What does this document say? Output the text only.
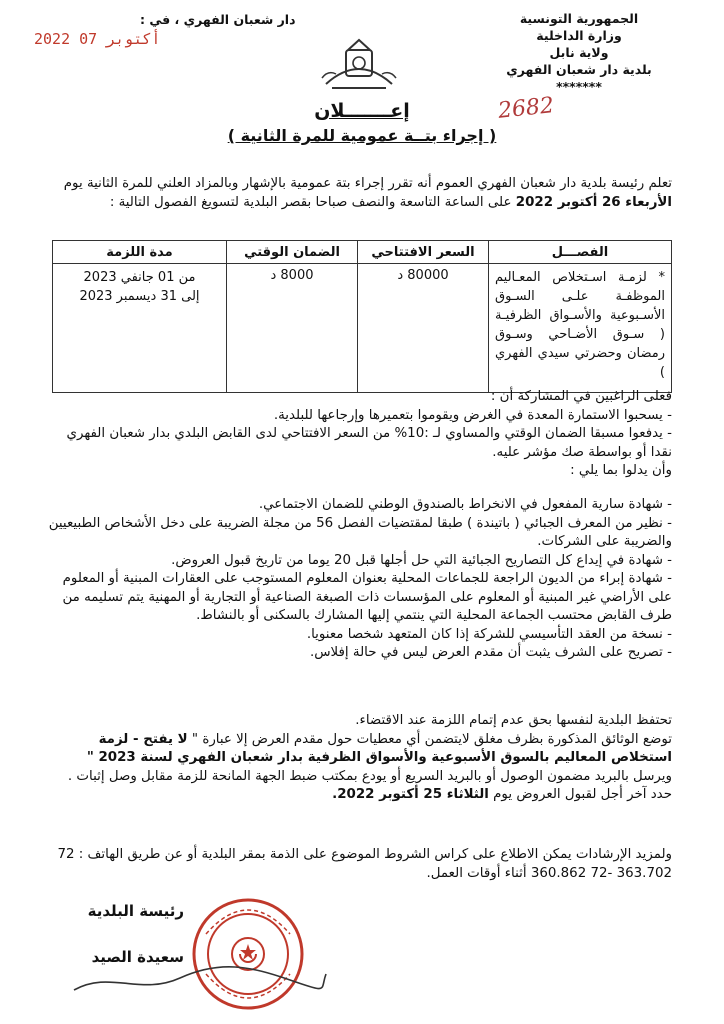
الجمهورية التونسية
وزارة الداخلية
ولاية نابل
بلدية دار شعبان الفهري
*******
دار شعبان الفهري ، في :
2022 أكتوبر 07
2682
إعـــــــلان
( إجراء بتــة عمومية للمرة الثانية )
تعلم رئيسة بلدية دار شعبان الفهري العموم أنه تقرر إجراء بتة عمومية بالإشهار وبالمزاد العلني للمرة الثانية يوم الأربعاء 26 أكتوبر 2022 على الساعة التاسعة والنصف صباحا بقصر البلدية لتسويغ الفصول التالية :
الفصـــل	السعر الافتتاحي	الضمان الوقتي	مدة اللزمة
* لزمـة اسـتخلاص المعـاليم الموظفـة علـى السـوق الأسـبوعية والأسـواق الظرفيـة ( سـوق الأضـاحي وسـوق رمضان وحضرتي سيدي الفهري )	80000 د	8000 د	من 01 جانفي 2023
إلى 31 ديسمبر 2023
فعلى الراغبين في المشاركة أن :
- يسحبوا الاستمارة المعدة في الغرض ويقوموا بتعميرها وإرجاعها للبلدية.
- يدفعوا مسبقا الضمان الوقتي والمساوي لـ :10% من السعر الافتتاحي لدى القابض البلدي بدار شعبان الفهري نقدا أو بواسطة صك مؤشر عليه.
وأن يدلوا بما يلي :
- شهادة سارية المفعول في الانخراط بالصندوق الوطني للضمان الاجتماعي.
- نظير من المعرف الجبائي ( باتيندة ) طبقا لمقتضيات الفصل 56 من مجلة الضريبة على دخل الأشخاص الطبيعيين والضريبة على الشركات.
- شهادة في إيداع كل التصاريح الجبائية التي حل أجلها قبل 20 يوما من تاريخ قبول العروض.
- شهادة إبراء من الديون الراجعة للجماعات المحلية بعنوان المعلوم المستوجب على العقارات المبنية أو المعلوم على الأراضي غير المبنية أو المعلوم على المؤسسات ذات الصبغة الصناعية أو التجارية أو المهنية يتم تسليمه من طرف القابض محتسب الجماعة المحلية التي ينتمي إليها المشارك بالسكنى أو بالنشاط.
- نسخة من العقد التأسيسي للشركة إذا كان المتعهد شخصا معنويا.
- تصريح على الشرف يثبت أن مقدم العرض ليس في حالة إفلاس.
تحتفظ البلدية لنفسها بحق عدم إتمام اللزمة عند الاقتضاء.
توضع الوثائق المذكورة بظرف مغلق لايتضمن أي معطيات حول مقدم العرض إلا عبارة " لا يفتح - لزمة استخلاص المعاليم بالسوق الأسبوعية والأسواق الظرفية بدار شعبان الفهري لسنة 2023 " ويرسل بالبريد مضمون الوصول أو بالبريد السريع أو يودع بمكتب ضبط الجهة المانحة للزمة مقابل وصل إثبات .
حدد آخر أجل لقبول العروض يوم الثلاثاء 25 أكتوبر 2022.
ولمزيد الإرشادات يمكن الاطلاع على كراس الشروط الموضوع على الذمة بمقر البلدية أو عن طريق الهاتف : 72 363.702 -72 360.862 أثناء أوقات العمل.
رئيسة البلدية
سعيدة الصيد
